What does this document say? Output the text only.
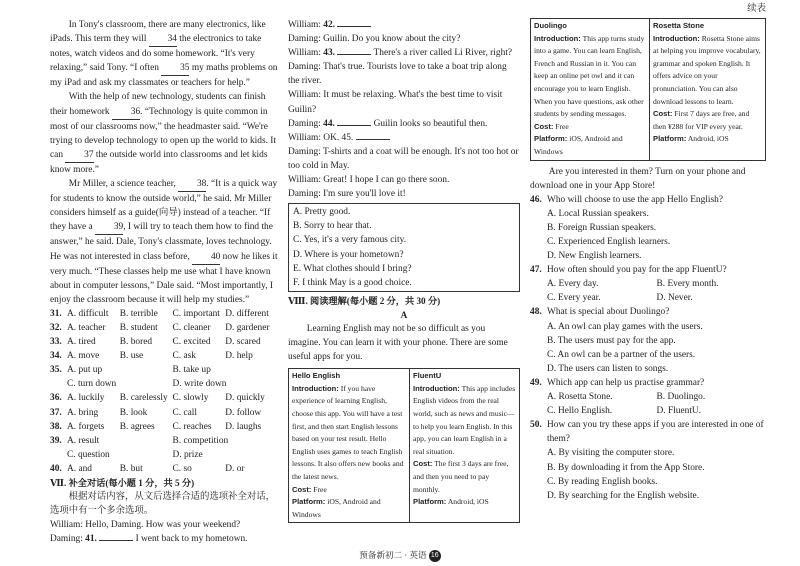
续表

In Tony's classroom, there are many electronics, like iPads. This term they will 34 the electronics to take notes, watch videos and do some homework. “It's very relaxing,” said Tony. “I often 35 my maths problems on my iPad and ask my classmates or teachers for help.”

With the help of new technology, students can finish their homework 36. “Technology is quite common in most of our classrooms now,” the headmaster said. “We're trying to develop technology to open up the world to kids. It can 37 the outside world into classrooms and let kids know more.”

Mr Miller, a science teacher, 38. “It is a quick way for students to know the outside world,” he said. Mr Miller considers himself as a guide(向导) instead of a teacher. “If they have a 39, I will try to teach them how to find the answer,” he said. Dale, Tony's classmate, loves technology. He was not interested in class before, 40 now he likes it very much. “These classes help me use what I have known about in computer lessons,” Dale said. “Most importantly, I enjoy the classroom because it will help my studies.”

31. A. difficult	B. terrible	C. important D. different
32. A. teacher	B. student	C. cleaner	D. gardener
33. A. tired	B. bored	C. excited	D. scared
34. A. move	B. use	C. ask	D. help
35. A. put up	B. take up
C. turn down	D. write down
36. A. luckily	B. carelessly C. slowly	D. quickly
37. A. bring	B. look	C. call	D. follow
38. A. forgets	B. agrees	C. reaches	D. laughs
39. A. result	B. competition
C. question	D. prize
40. A. and	B. but	C. so	D. or

Ⅶ. 补全对话(每小题 1 分，共 5 分)

根据对话内容，从文后选择合适的选项补全对话，选项中有一个多余选项。

William: Hello, Daming. How was your weekend?

Daming: 41.	I went back to my hometown.

William: 42.

Daming: Guilin. Do you know about the city?

William: 43.	There's a river called Li River, right?

Daming: That's true. Tourists love to take a boat trip along the river.

William: It must be relaxing. What's the best time to visit Guilin?

Daming: 44.	Guilin looks so beautiful then.

William: OK. 45.

Daming: T-shirts and a coat will be enough. It's not too hot or too cold in May.

William: Great! I hope I can go there soon.

Daming: I'm sure you'll love it!

A. Pretty good.

B. Sorry to hear that.

C. Yes, it's a very famous city.

D. Where is your hometown?

E. What clothes should I bring?

F. I think May is a good choice.

Ⅷ. 阅读理解(每小题 2 分，共 30 分)

A

Learning English may not be so difficult as you imagine. You can learn it with your phone. There are some useful apps for you.

Hello English
Introduction: If you have experience of learning English, choose this app. You will have a test first, and then start English lessons based on your test result. Hello English uses games to teach English lessons. It also offers new books and the latest news.
Cost: Free
Platform: iOS, Android and Windows
FluentU
Introduction: This app includes English videos from the real world, such as news and music—to help you learn English. In this app, you can learn English in a real situation.
Cost: The first 3 days are free, and then you need to pay monthly.
Platform: Android, iOS
Duolingo
Introduction: This app turns study into a game. You can learn English, French and Russian in it. You can keep an online pet owl and it can encourage you to learn English. When you have questions, ask other students by sending messages.
Cost: Free
Platform: iOS, Android and Windows
Rosetta Stone
Introduction: Rosetta Stone aims at helping you improve vocabulary, grammar and spoken English. It offers advice on your pronunciation. You can also download lessons to learn.
Cost: First 7 days are free, and then ¥288 for VIP every year.
Platform: Android, iOS

Are you interested in them? Turn on your phone and download one in your App Store!

46. Who will choose to use the app Hello English?

A. Local Russian speakers.

B. Foreign Russian speakers.

C. Experienced English learners.

D. New English learners.

47. How often should you pay for the app FluentU?

A. Every day.	B. Every month.
C. Every year.	D. Never.

48. What is special about Duolingo?

A. An owl can play games with the users.

B. The users must pay for the app.

C. An owl can be a partner of the users.

D. The users can listen to songs.

49. Which app can help us practise grammar?

A. Rosetta Stone.	B. Duolingo.
C. Hello English.	D. FluentU.

50. How can you try these apps if you are interested in one of them?

A. By visiting the computer store.

B. By downloading it from the App Store.

C. By reading English books.

D. By searching for the English website.

预备新初二 · 英语 16
